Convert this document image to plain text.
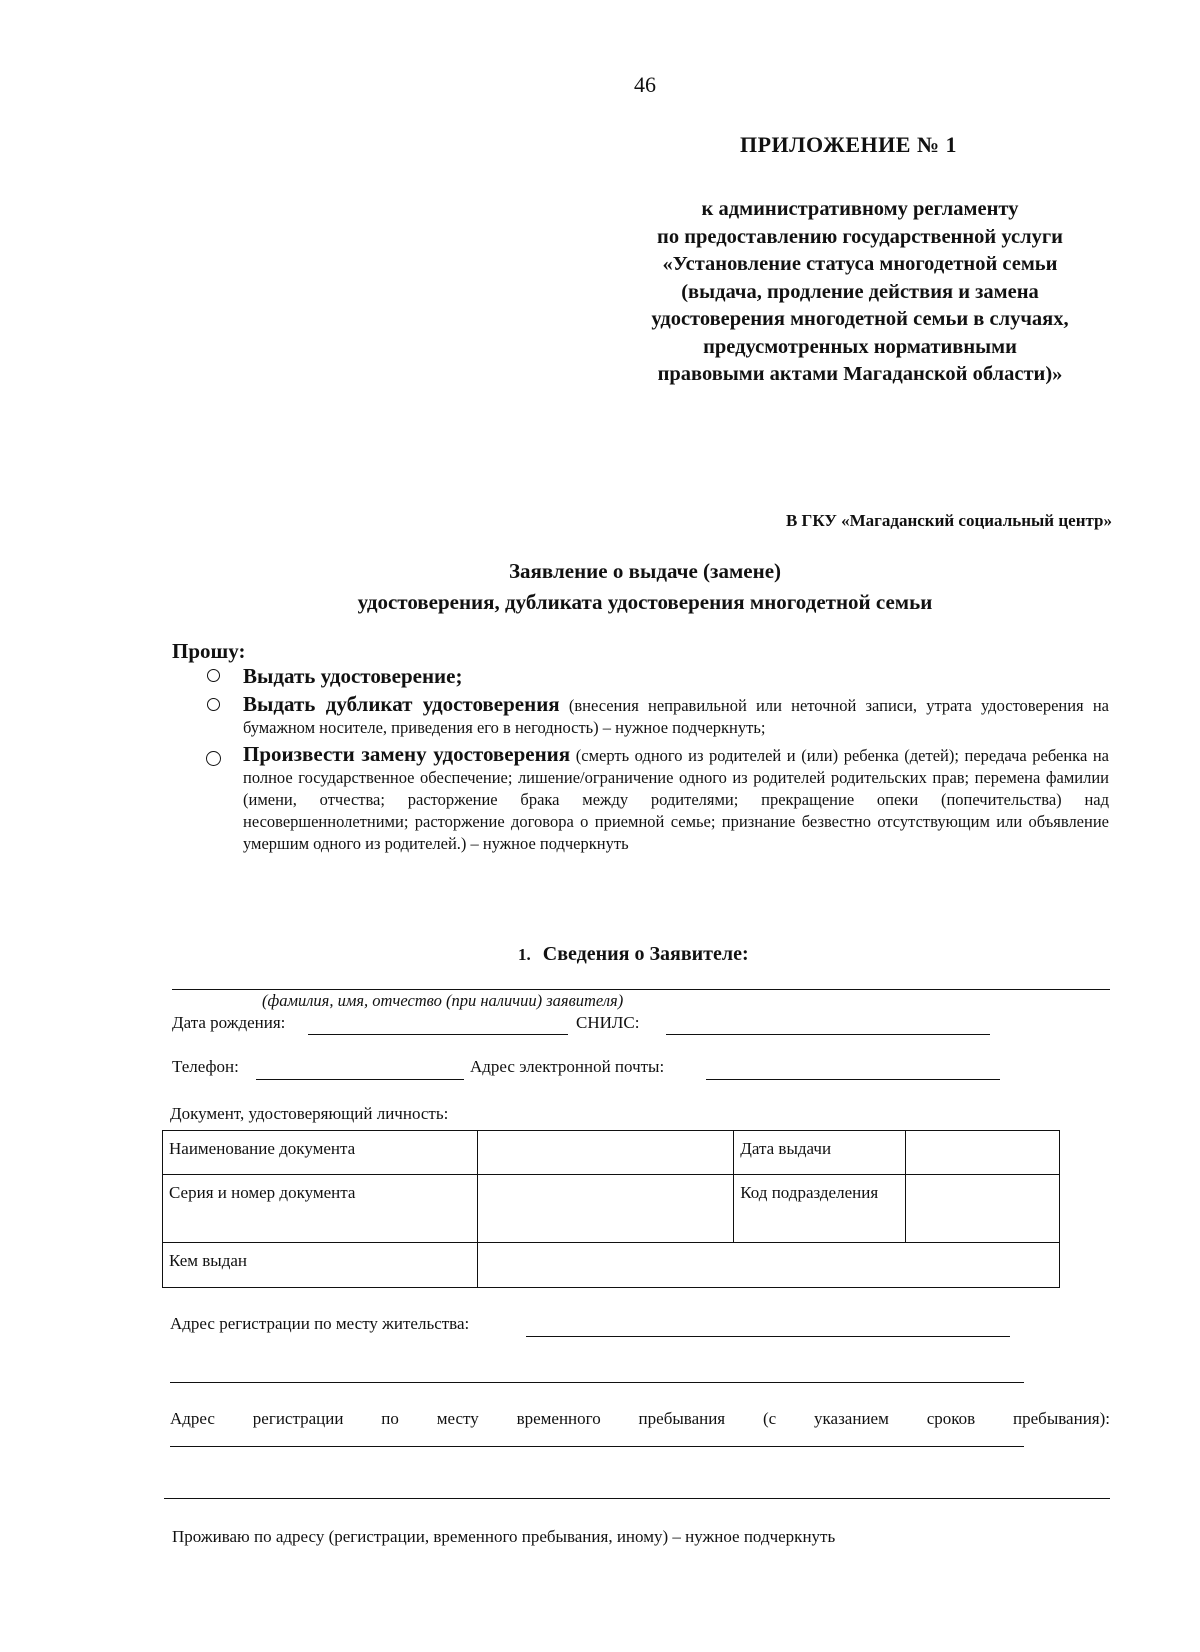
46
ПРИЛОЖЕНИЕ № 1
к административному регламенту
по предоставлению государственной услуги
«Установление статуса многодетной семьи
(выдача, продление действия и замена
удостоверения многодетной семьи в случаях,
предусмотренных нормативными
правовыми актами Магаданской области)»
В ГКУ «Магаданский социальный центр»
Заявление о выдаче (замене)
удостоверения, дубликата удостоверения многодетной семьи
Прошу:
Выдать удостоверение;
Выдать дубликат удостоверения (внесения неправильной или неточной записи, утрата удостоверения на бумажном носителе, приведения его в негодность) – нужное подчеркнуть;
Произвести замену удостоверения (смерть одного из родителей и (или) ребенка (детей); передача ребенка на полное государственное обеспечение; лишение/ограничение одного из родителей родительских прав; перемена фамилии (имени, отчества; расторжение брака между родителями; прекращение опеки (попечительства) над несовершеннолетними; расторжение договора о приемной семье; признание безвестно отсутствующим или объявление умершим одного из родителей.) – нужное подчеркнуть
1. Сведения о Заявителе:
(фамилия, имя, отчество (при наличии) заявителя)
Дата рождения:	СНИЛС:
Телефон:	Адрес электронной почты:
Документ, удостоверяющий личность:
Наименование документа		Дата выдачи	
Серия и номер документа		Код подразделения	
Кем выдан			
Адрес регистрации по месту жительства:
Адрес регистрации по месту временного пребывания (с указанием сроков пребывания):
Проживаю по адресу (регистрации, временного пребывания, иному) – нужное подчеркнуть
